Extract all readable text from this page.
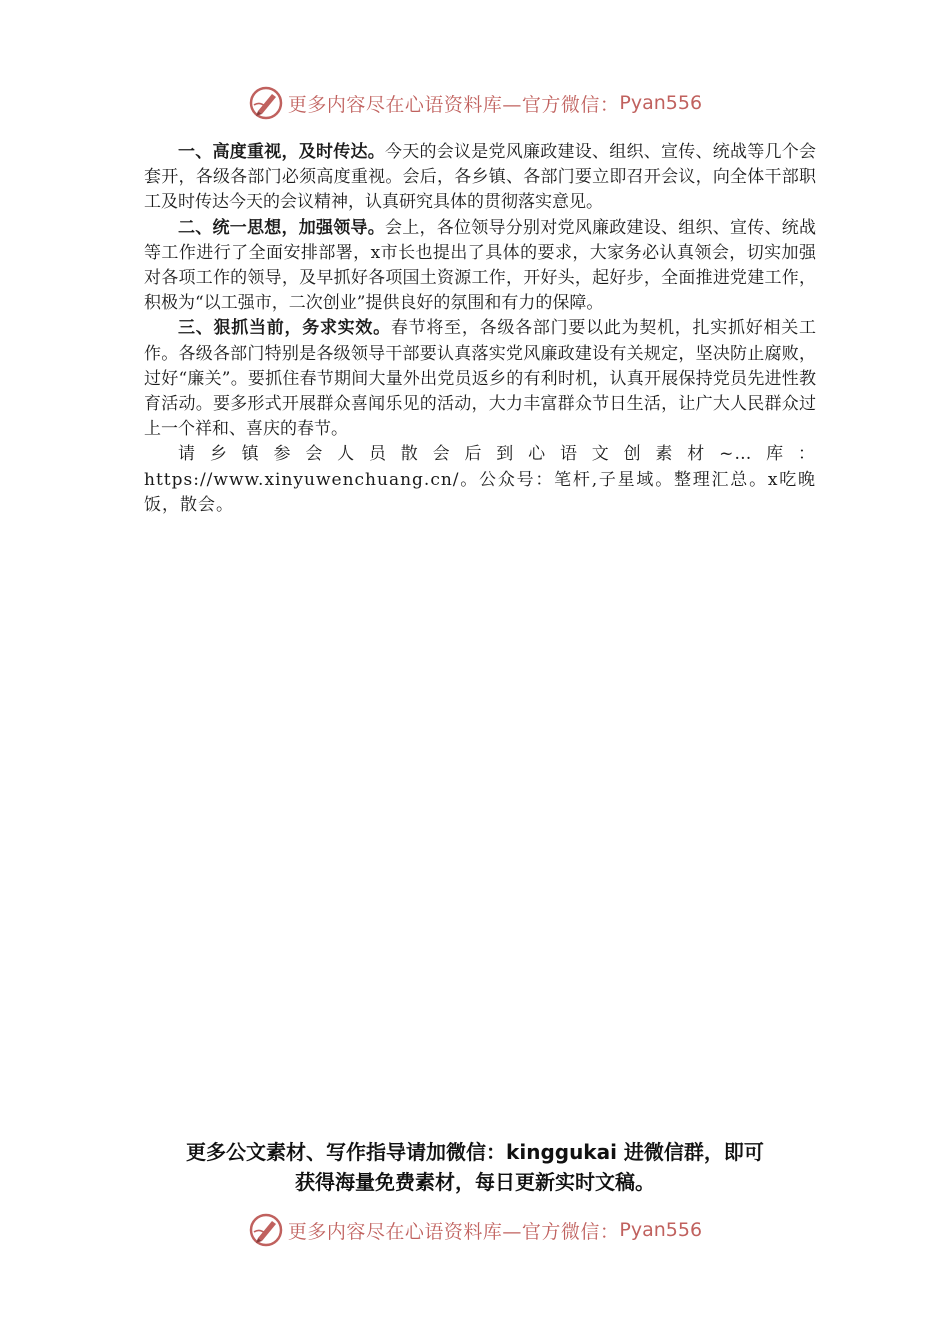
更多内容尽在心语资料库—官方微信： Pyan556

一、高度重视，及时传达。今天的会议是党风廉政建设、组织、宣传、统战等几个会套开，各级各部门必须高度重视。会后，各乡镇、各部门要立即召开会议，向全体干部职工及时传达今天的会议精神，认真研究具体的贯彻落实意见。

二、统一思想，加强领导。会上，各位领导分别对党风廉政建设、组织、宣传、统战等工作进行了全面安排部署，x市长也提出了具体的要求，大家务必认真领会，切实加强对各项工作的领导，及早抓好各项国土资源工作，开好头，起好步，全面推进党建工作，积极为“以工强市，二次创业”提供良好的氛围和有力的保障。

三、狠抓当前，务求实效。春节将至，各级各部门要以此为契机，扎实抓好相关工作。各级各部门特别是各级领导干部要认真落实党风廉政建设有关规定，坚决防止腐败，过好“廉关”。要抓住春节期间大量外出党员返乡的有利时机，认真开展保持党员先进性教育活动。要多形式开展群众喜闻乐见的活动，大力丰富群众节日生活，让广大人民群众过上一个祥和、喜庆的春节。

请乡镇参会人员散会后到心语文创素材~…库：https://www.xinyuwenchuang.cn/。公众号：笔杆,子星域。整理汇总。x吃晚饭，散会。

更多公文素材、写作指导请加微信：kinggukai 进微信群，即可
获得海量免费素材，每日更新实时文稿。
更多内容尽在心语资料库—官方微信： Pyan556
